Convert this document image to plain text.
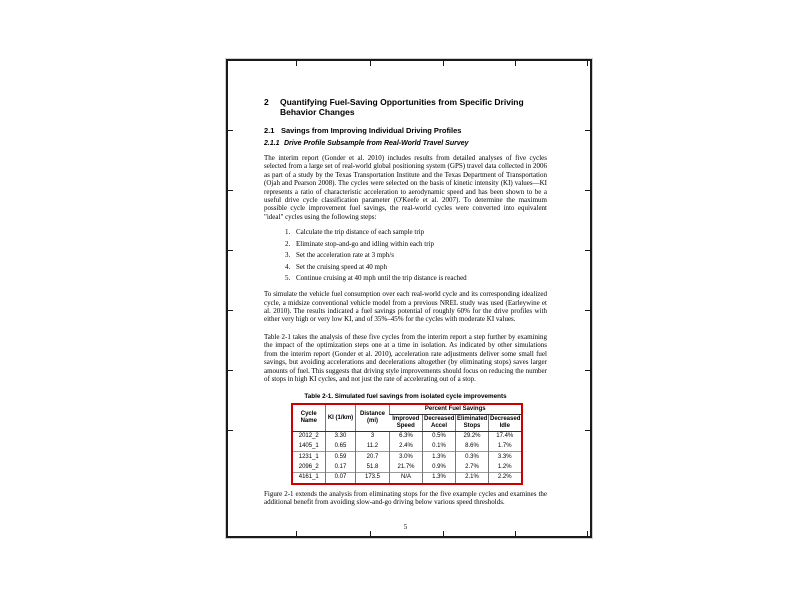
2	Quantifying Fuel-Saving Opportunities from Specific Driving Behavior Changes
2.1 Savings from Improving Individual Driving Profiles
2.1.1 Drive Profile Subsample from Real-World Travel Survey
The interim report (Gonder et al. 2010) includes results from detailed analyses of five cycles selected from a large set of real-world global positioning system (GPS) travel data collected in 2006 as part of a study by the Texas Transportation Institute and the Texas Department of Transportation (Ojah and Pearson 2008). The cycles were selected on the basis of kinetic intensity (KI) values—KI represents a ratio of characteristic acceleration to aerodynamic speed and has been shown to be a useful drive cycle classification parameter (O'Keefe et al. 2007). To determine the maximum possible cycle improvement fuel savings, the real-world cycles were converted into equivalent "ideal" cycles using the following steps:
1. Calculate the trip distance of each sample trip
2. Eliminate stop-and-go and idling within each trip
3. Set the acceleration rate at 3 mph/s
4. Set the cruising speed at 40 mph
5. Continue cruising at 40 mph until the trip distance is reached
To simulate the vehicle fuel consumption over each real-world cycle and its corresponding idealized cycle, a midsize conventional vehicle model from a previous NREL study was used (Earleywine et al. 2010). The results indicated a fuel savings potential of roughly 60% for the drive profiles with either very high or very low KI, and of 35%–45% for the cycles with moderate KI values.
Table 2-1 takes the analysis of these five cycles from the interim report a step further by examining the impact of the optimization steps one at a time in isolation. As indicated by other simulations from the interim report (Gonder et al. 2010), acceleration rate adjustments deliver some small fuel savings, but avoiding accelerations and decelerations altogether (by eliminating stops) saves larger amounts of fuel. This suggests that driving style improvements should focus on reducing the number of stops in high KI cycles, and not just the rate of accelerating out of a stop.
Table 2-1. Simulated fuel savings from isolated cycle improvements
Cycle Name	KI (1/km)	Distance (mi)	Percent Fuel Savings			
			Improved Speed	Decreased Accel	Eliminated Stops	Decreased Idle
2012_2	3.30	3	6.3%	0.5%	29.2%	17.4%
1405_1	0.65	11.2	2.4%	0.1%	8.6%	1.7%
1231_1	0.59	20.7	3.0%	1.3%	0.3%	3.3%
2096_2	0.17	51.8	21.7%	0.9%	2.7%	1.2%
4161_1	0.07	173.5	N/A	1.3%	2.1%	2.2%
Figure 2-1 extends the analysis from eliminating stops for the five example cycles and examines the additional benefit from avoiding slow-and-go driving below various speed thresholds.
5
